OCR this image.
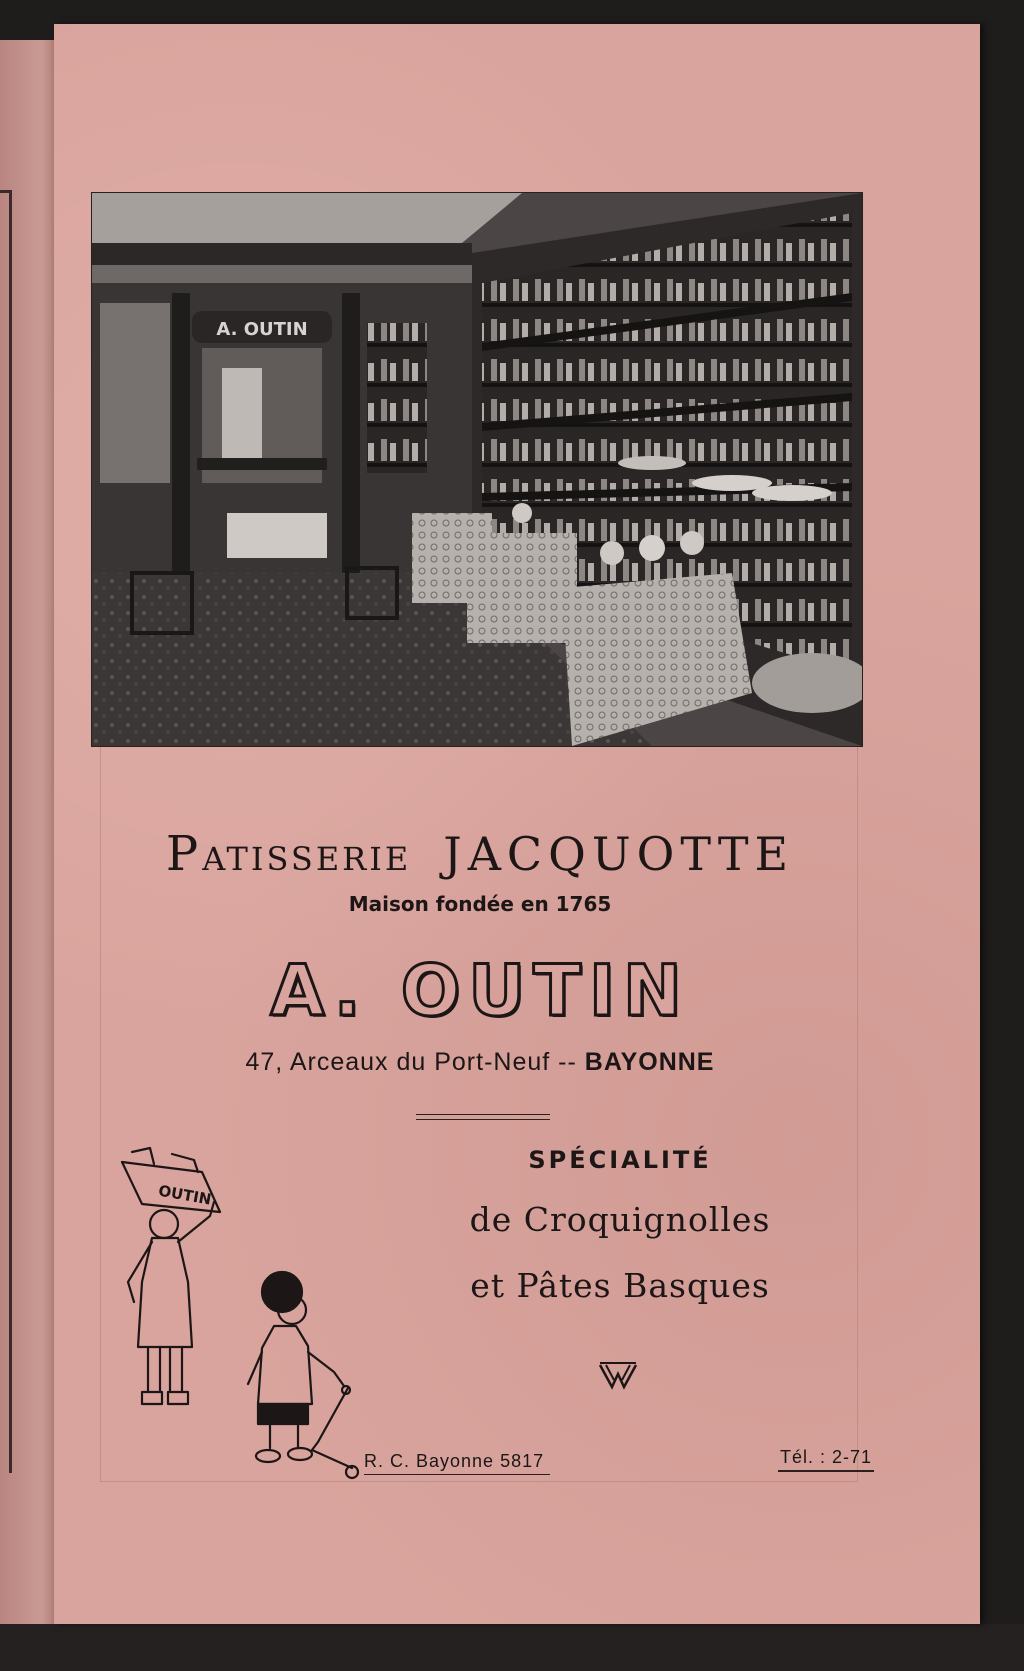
A. OUTIN
PATISSERIE JACQUOTTE
Maison fondée en 1765
A. OUTIN
47, Arceaux du Port-Neuf -- BAYONNE
SPÉCIALITÉ
de Croquignolles
et Pâtes Basques
OUTIN
R. C. Bayonne 5817	Tél. : 2-71
